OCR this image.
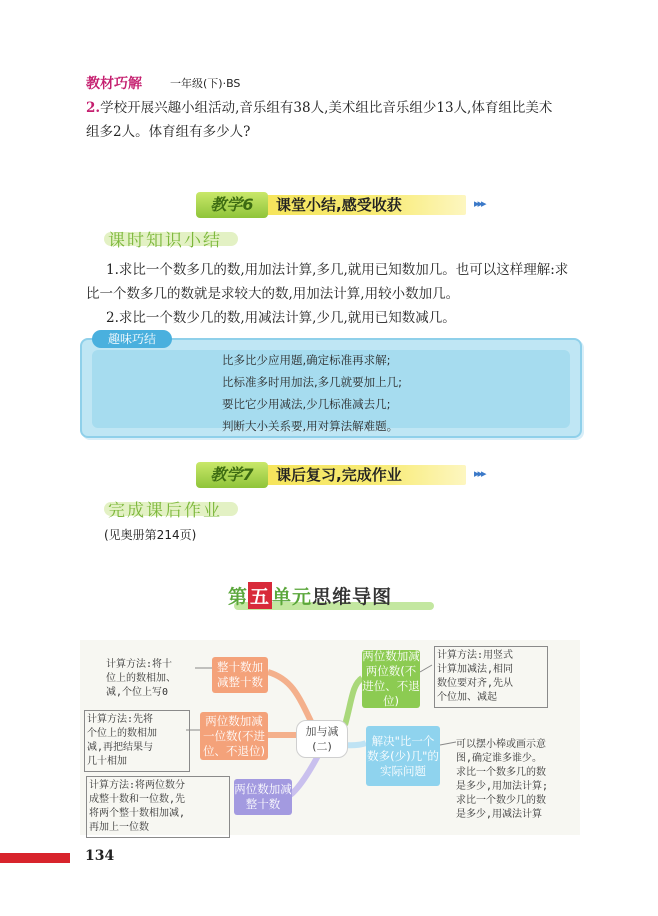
教材巧解	一年级(下)·BS
2.学校开展兴趣小组活动,音乐组有38人,美术组比音乐组少13人,体育组比美术
组多2人。体育组有多少人?
教学6	课堂小结,感受收获	▸▸▸
课时知识小结
1.求比一个数多几的数,用加法计算,多几,就用已知数加几。也可以这样理解:求
比一个数多几的数就是求较大的数,用加法计算,用较小数加几。
2.求比一个数少几的数,用减法计算,少几,就用已知数减几。
趣味巧结
比多比少应用题,确定标准再求解;
比标准多时用加法,多几就要加上几;
要比它少用减法,少几标准减去几;
判断大小关系要,用对算法解难题。
教学7	课后复习,完成作业	▸▸▸
完成课后作业
(见奥册第214页)
第 五 单元思维导图
加与减(二)
整十数加减整十数
两位数加减一位数(不进位、不退位)
两位数加减整十数
两位数加减两位数(不进位、不退位)
解决"比一个数多(少)几"的实际问题
计算方法:将十
位上的数相加、
减,个位上写0
计算方法:先将
个位上的数相加
减,再把结果与
几十相加
计算方法:将两位数分
成整十数和一位数,先
将两个整十数相加减,
再加上一位数
计算方法:用竖式
计算加减法,相同
数位要对齐,先从
个位加、减起
可以摆小棒或画示意
图,确定谁多谁少。
求比一个数多几的数
是多少,用加法计算;
求比一个数少几的数
是多少,用减法计算
134
